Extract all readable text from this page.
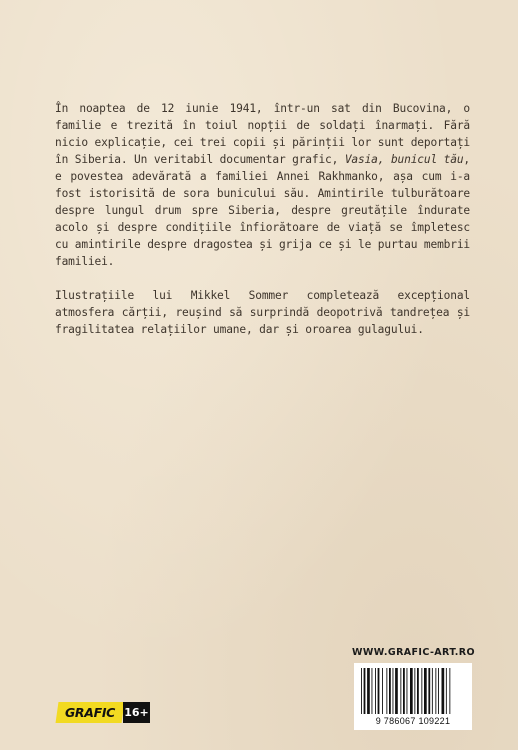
În noaptea de 12 iunie 1941, într-un sat din Bucovina, o familie e trezită în toiul nopții de soldați înarmați. Fără nicio explicație, cei trei copii și părinții lor sunt deportați în Siberia. Un veritabil documentar grafic, Vasia, bunicul tău, e povestea adevărată a familiei Annei Rakhmanko, așa cum i-a fost istorisită de sora bunicului său. Amintirile tulburătoare despre lungul drum spre Siberia, despre greutățile îndurate acolo și despre condițiile înfiorătoare de viață se împletesc cu amintirile despre dragostea și grija ce și le purtau membrii familiei.

Ilustrațiile lui Mikkel Sommer completează excepțional atmosfera cărții, reușind să surprindă deopotrivă tandrețea și fragilitatea relațiilor umane, dar și oroarea gulagului.

WWW.GRAFIC-ART.RO
9 786067 109221
GRAFIC 16+
